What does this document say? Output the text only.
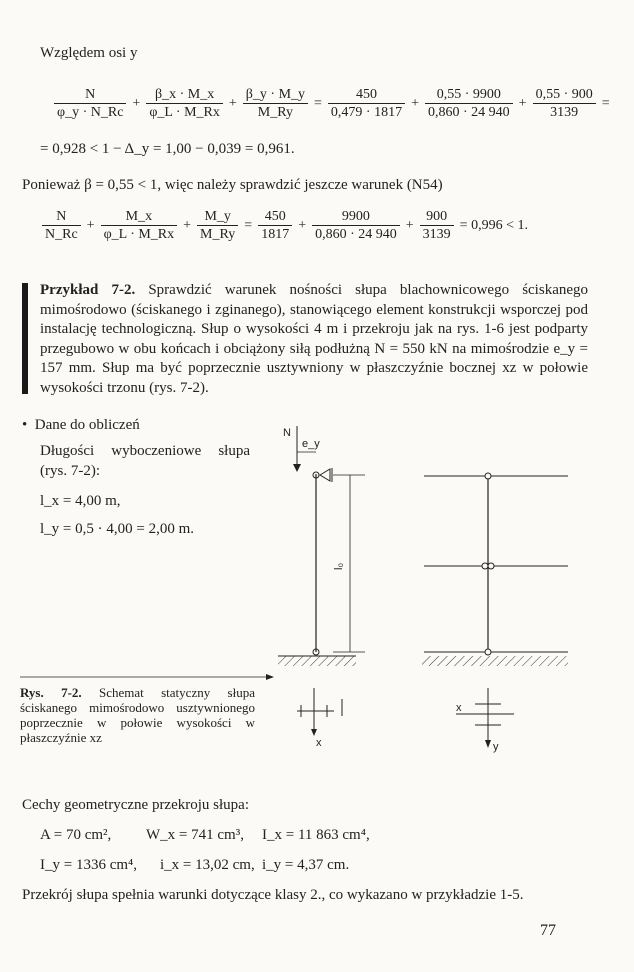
Względem osi y
$\frac{N}{\varphi\_y \cdot N\_Rc} + \frac{\beta\_x \cdot M\_x}{\varphi\_L \cdot M\_Rx} + \frac{\beta\_y \cdot M\_y}{M\_Ry} = \frac{450}{0,479 \cdot 1817} + \frac{0,55 \cdot 9900}{0,860 \cdot 24 940} + \frac{0,55 \cdot 900}{3139}$ =
= 0,928 < 1 − Δ_y = 1,00 − 0,039 = 0,961.
Ponieważ β = 0,55 < 1, więc należy sprawdzić jeszcze warunek (N54)
$\frac{N}{N\_Rc} + \frac{M\_x}{\varphi\_L \cdot M\_Rx} + \frac{M\_y}{M\_Ry} = \frac{450}{1817} + \frac{9900}{0,860 \cdot 24 940} + \frac{900}{3139} = 0,996 < 1$.
Przykład 7-2. Sprawdzić warunek nośności słupa blachownicowego ściskanego mimośrodowo (ściskanego i zginanego), stanowiącego element konstrukcji wsporczej pod instalację technologiczną. Słup o wysokości 4 m i przekroju jak na rys. 1-6 jest podparty przegubowo w obu końcach i obciążony siłą podłużną N = 550 kN na mimośrodzie e_y = 157 mm. Słup ma być poprzecznie usztywniony w płaszczyźnie bocznej xz w połowie wysokości trzonu (rys. 7-2).
• Dane do obliczeń
Długości wyboczeniowe słupa (rys. 7-2):
l_x = 4,00 m,
l_y = 0,5 · 4,00 = 2,00 m.
N
e_y
l₀
x
x
y
Rys. 7-2. Schemat statyczny słupa ściskanego mimośrodowo usztywnionego poprzecznie w połowie wysokości w płaszczyźnie xz
Cechy geometryczne przekroju słupa:
A = 70 cm², W_x = 741 cm³, I_x = 11 863 cm⁴,
I_y = 1336 cm⁴, i_x = 13,02 cm, i_y = 4,37 cm.
Przekrój słupa spełnia warunki dotyczące klasy 2., co wykazano w przykładzie 1-5.
77
